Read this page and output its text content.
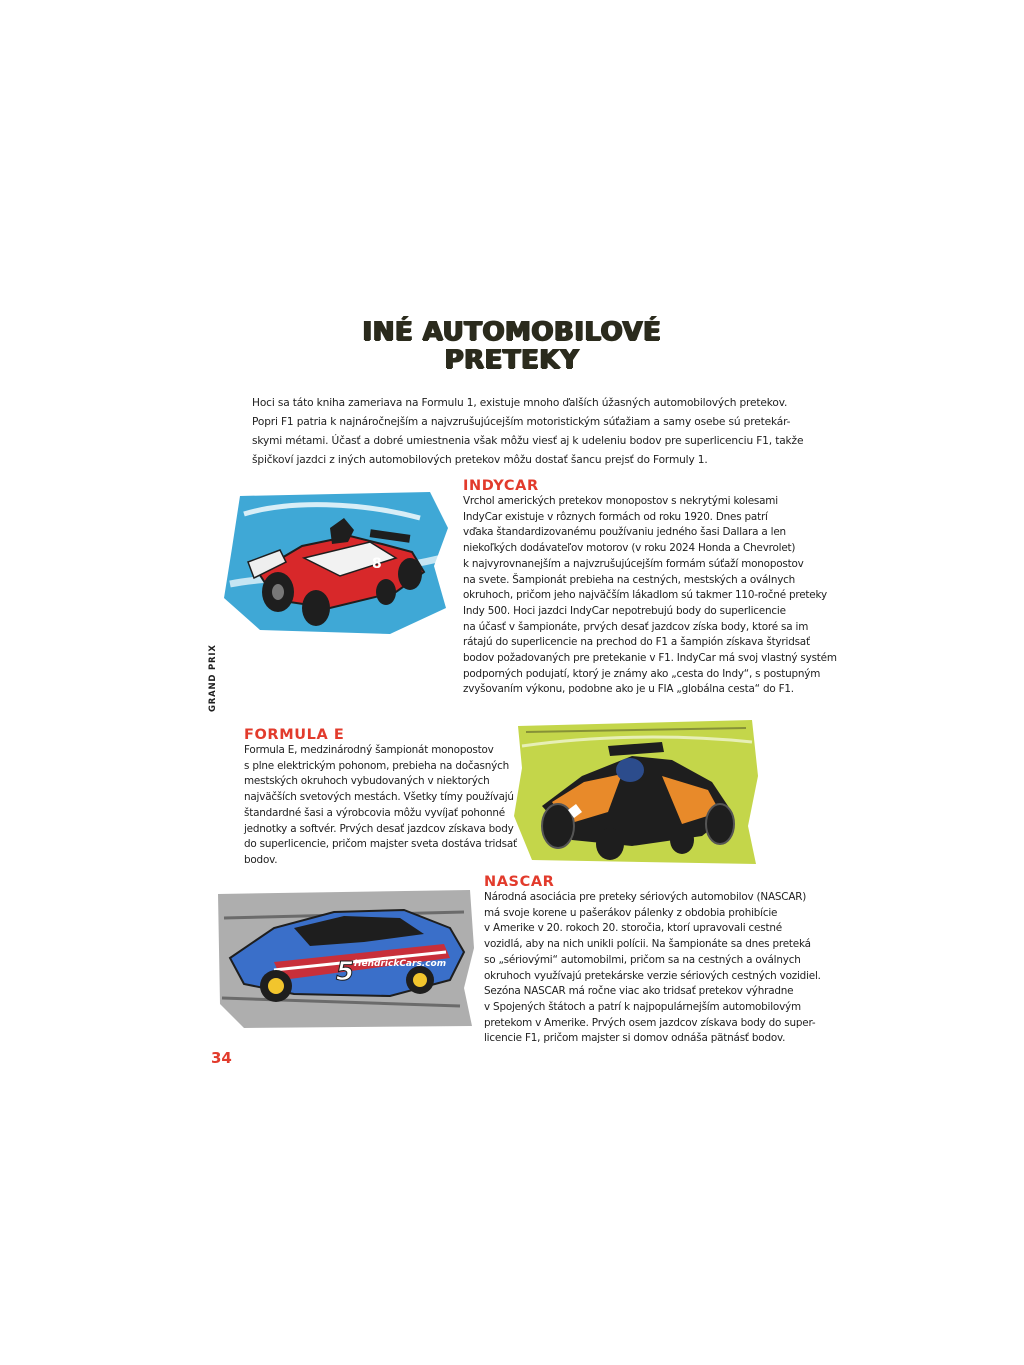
INÉ AUTOMOBILOVÉ
PRETEKY
Hoci sa táto kniha zameriava na Formulu 1, existuje mnoho ďalších úžasných automobilových pretekov.
Popri F1 patria k najnáročnejším a najvzrušujúcejším motoristickým súťažiam a samy osebe sú pretekár-
skymi métami. Účasť a dobré umiestnenia však môžu viesť aj k udeleniu bodov pre superlicenciu F1, takže
špičkoví jazdci z iných automobilových pretekov môžu dostať šancu prejsť do Formuly 1.
8
INDYCAR
Vrchol amerických pretekov monopostov s nekrytými kolesami
IndyCar existuje v rôznych formách od roku 1920. Dnes patrí
vďaka štandardizovanému používaniu jedného šasi Dallara a len
niekoľkých dodávateľov motorov (v roku 2024 Honda a Chevrolet)
k najvyrovnanejším a najvzrušujúcejším formám súťaží monopostov
na svete. Šampionát prebieha na cestných, mestských a oválnych
okruhoch, pričom jeho najväčším lákadlom sú takmer 110-ročné preteky
Indy 500. Hoci jazdci IndyCar nepotrebujú body do superlicencie
na účasť v šampionáte, prvých desať jazdcov získa body, ktoré sa im
rátajú do superlicencie na prechod do F1 a šampión získava štyridsať
bodov požadovaných pre pretekanie v F1. IndyCar má svoj vlastný systém
podporných podujatí, ktorý je známy ako „cesta do Indy“, s postupným
zvyšovaním výkonu, podobne ako je u FIA „globálna cesta“ do F1.
GRAND PRIX
FORMULA E
Formula E, medzinárodný šampionát monopostov
s plne elektrickým pohonom, prebieha na dočasných
mestských okruhoch vybudovaných v niektorých
najväčších svetových mestách. Všetky tímy používajú
štandardné šasi a výrobcovia môžu vyvíjať pohonné
jednotky a softvér. Prvých desať jazdcov získava body
do superlicencie, pričom majster sveta dostáva tridsať
bodov.
5 HendrickCars.com
NASCAR
Národná asociácia pre preteky sériových automobilov (NASCAR)
má svoje korene u pašerákov pálenky z obdobia prohibície
v Amerike v 20. rokoch 20. storočia, ktorí upravovali cestné
vozidlá, aby na nich unikli polícii. Na šampionáte sa dnes preteká
so „sériovými“ automobilmi, pričom sa na cestných a oválnych
okruhoch využívajú pretekárske verzie sériových cestných vozidiel.
Sezóna NASCAR má ročne viac ako tridsať pretekov výhradne
v Spojených štátoch a patrí k najpopulárnejším automobilovým
pretekom v Amerike. Prvých osem jazdcov získava body do super-
licencie F1, pričom majster si domov odnáša pätnásť bodov.
34
